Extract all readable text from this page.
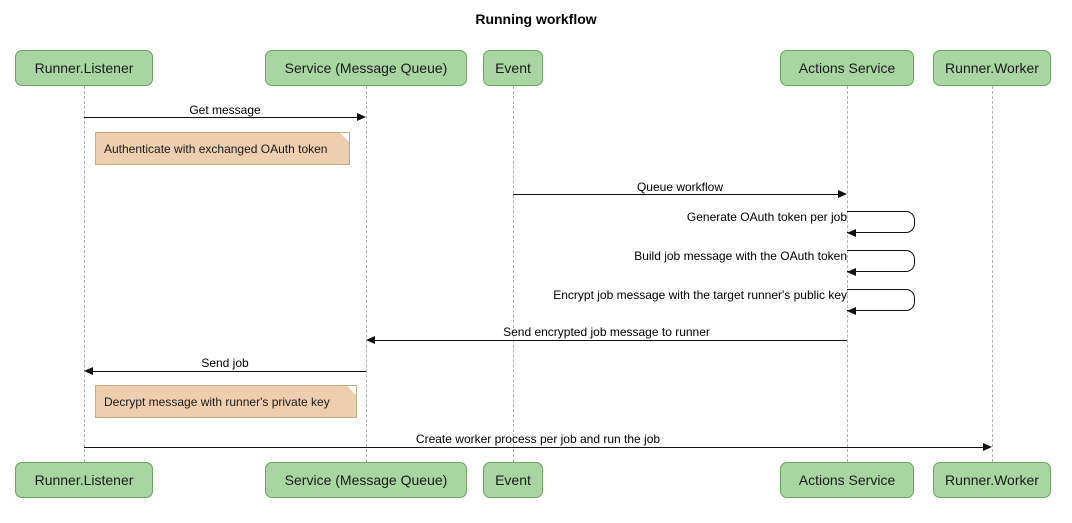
Running workflow
Runner.Listener	Service (Message Queue)	Event	Actions Service	Runner.Worker
Runner.Listener	Service (Message Queue)	Event	Actions Service	Runner.Worker
Get message
Authenticate with exchanged OAuth token
Queue workflow
Generate OAuth token per job
Build job message with the OAuth token
Encrypt job message with the target runner's public key
Send encrypted job message to runner
Send job
Decrypt message with runner's private key
Create worker process per job and run the job
